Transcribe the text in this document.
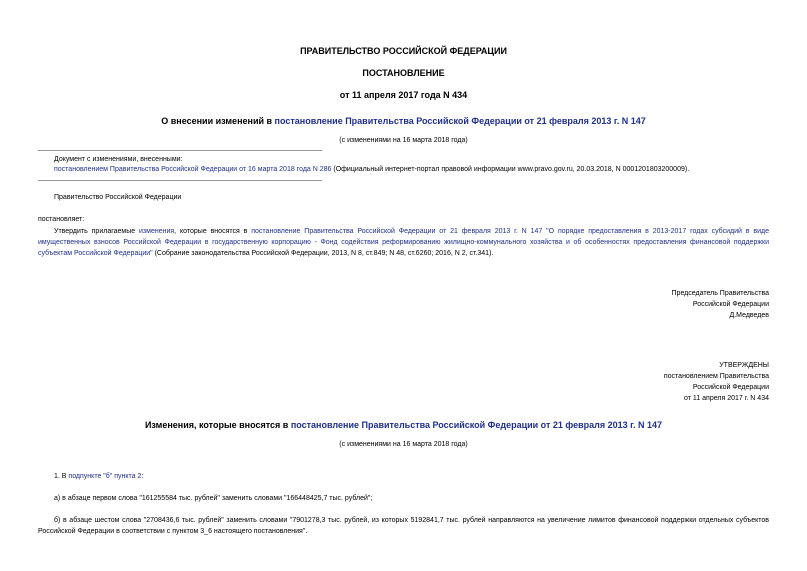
ПРАВИТЕЛЬСТВО РОССИЙСКОЙ ФЕДЕРАЦИИ
ПОСТАНОВЛЕНИЕ
от 11 апреля 2017 года N 434
О внесении изменений в постановление Правительства Российской Федерации от 21 февраля 2013 г. N 147
(с изменениями на 16 марта 2018 года)
Документ с изменениями, внесенными:
постановлением Правительства Российской Федерации от 16 марта 2018 года N 286 (Официальный интернет-портал правовой информации www.pravo.gov.ru, 20.03.2018, N 0001201803200009).
Правительство Российской Федерации
постановляет:
Утвердить прилагаемые изменения, которые вносятся в постановление Правительства Российской Федерации от 21 февраля 2013 г. N 147 "О порядке предоставления в 2013-2017 годах субсидий в виде имущественных взносов Российской Федерации в государственную корпорацию - Фонд содействия реформированию жилищно-коммунального хозяйства и об особенностях предоставления финансовой поддержки субъектам Российской Федерации" (Собрание законодательства Российской Федерации, 2013, N 8, ст.849; N 48, ст.6260; 2016, N 2, ст.341).
Председатель Правительства
Российской Федерации
Д.Медведев
УТВЕРЖДЕНЫ
постановлением Правительства
Российской Федерации
от 11 апреля 2017 г. N 434
Изменения, которые вносятся в постановление Правительства Российской Федерации от 21 февраля 2013 г. N 147
(с изменениями на 16 марта 2018 года)
1. В подпункте "б" пункта 2:
а) в абзаце первом слова "161255584 тыс. рублей" заменить словами "166448425,7 тыс. рублей";
б) в абзаце шестом слова "2708436,6 тыс. рублей" заменить словами "7901278,3 тыс. рублей, из которых 5192841,7 тыс. рублей направляются на увеличение лимитов финансовой поддержки отдельных субъектов Российской Федерации в соответствии с пунктом 3_6 настоящего постановления".
